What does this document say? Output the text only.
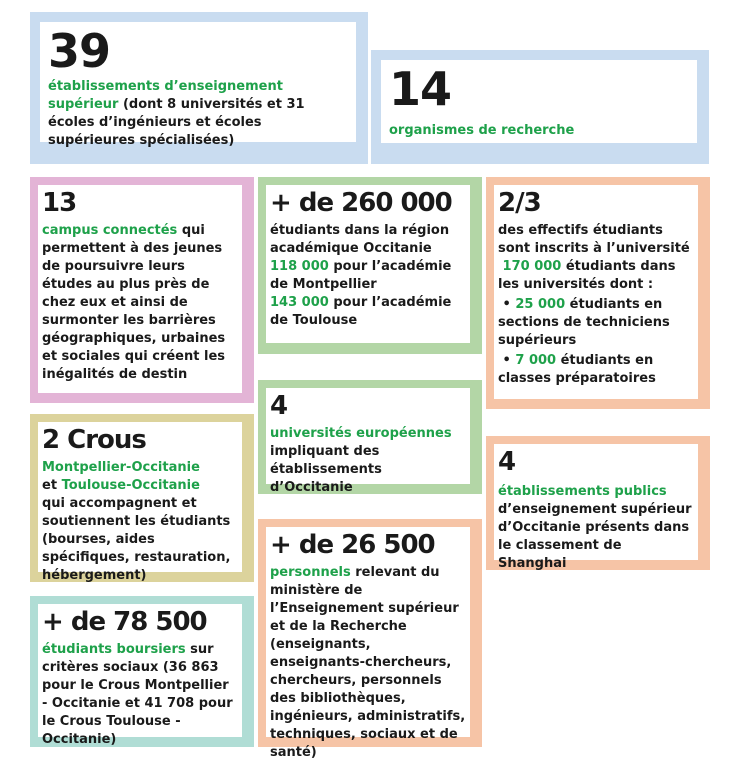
39

établissements d’enseignement supérieur (dont 8 universités et 31 écoles d’ingénieurs et écoles supérieures spécialisées)

14

organismes de recherche

13

campus connectés qui permettent à des jeunes de poursuivre leurs études au plus près de chez eux et ainsi de surmonter les barrières géographiques, urbaines et sociales qui créent les inégalités de destin

+ de 260 000

étudiants dans la région académique Occitanie

118 000 pour l’académie de Montpellier

143 000 pour l’académie de Toulouse

2/3

des effectifs étudiants sont inscrits à l’université

170 000 étudiants dans les universités dont :

• 25 000 étudiants en sections de techniciens supérieurs

• 7 000 étudiants en classes préparatoires

4

universités européennes

impliquant des établissements d’Occitanie

2 Crous

Montpellier-Occitanie

et Toulouse-Occitanie

qui accompagnent et soutiennent les étudiants (bourses, aides spécifiques, restauration, hébergement)

4

établissements publics

d’enseignement supérieur d’Occitanie présents dans le classement de Shanghai

+ de 26 500

personnels relevant du ministère de l’Enseignement supérieur et de la Recherche (enseignants, enseignants-chercheurs, chercheurs, personnels des bibliothèques, ingénieurs, administratifs, techniques, sociaux et de santé)

+ de 78 500

étudiants boursiers sur critères sociaux (36 863 pour le Crous Montpellier - Occitanie et 41 708 pour le Crous Toulouse - Occitanie)
